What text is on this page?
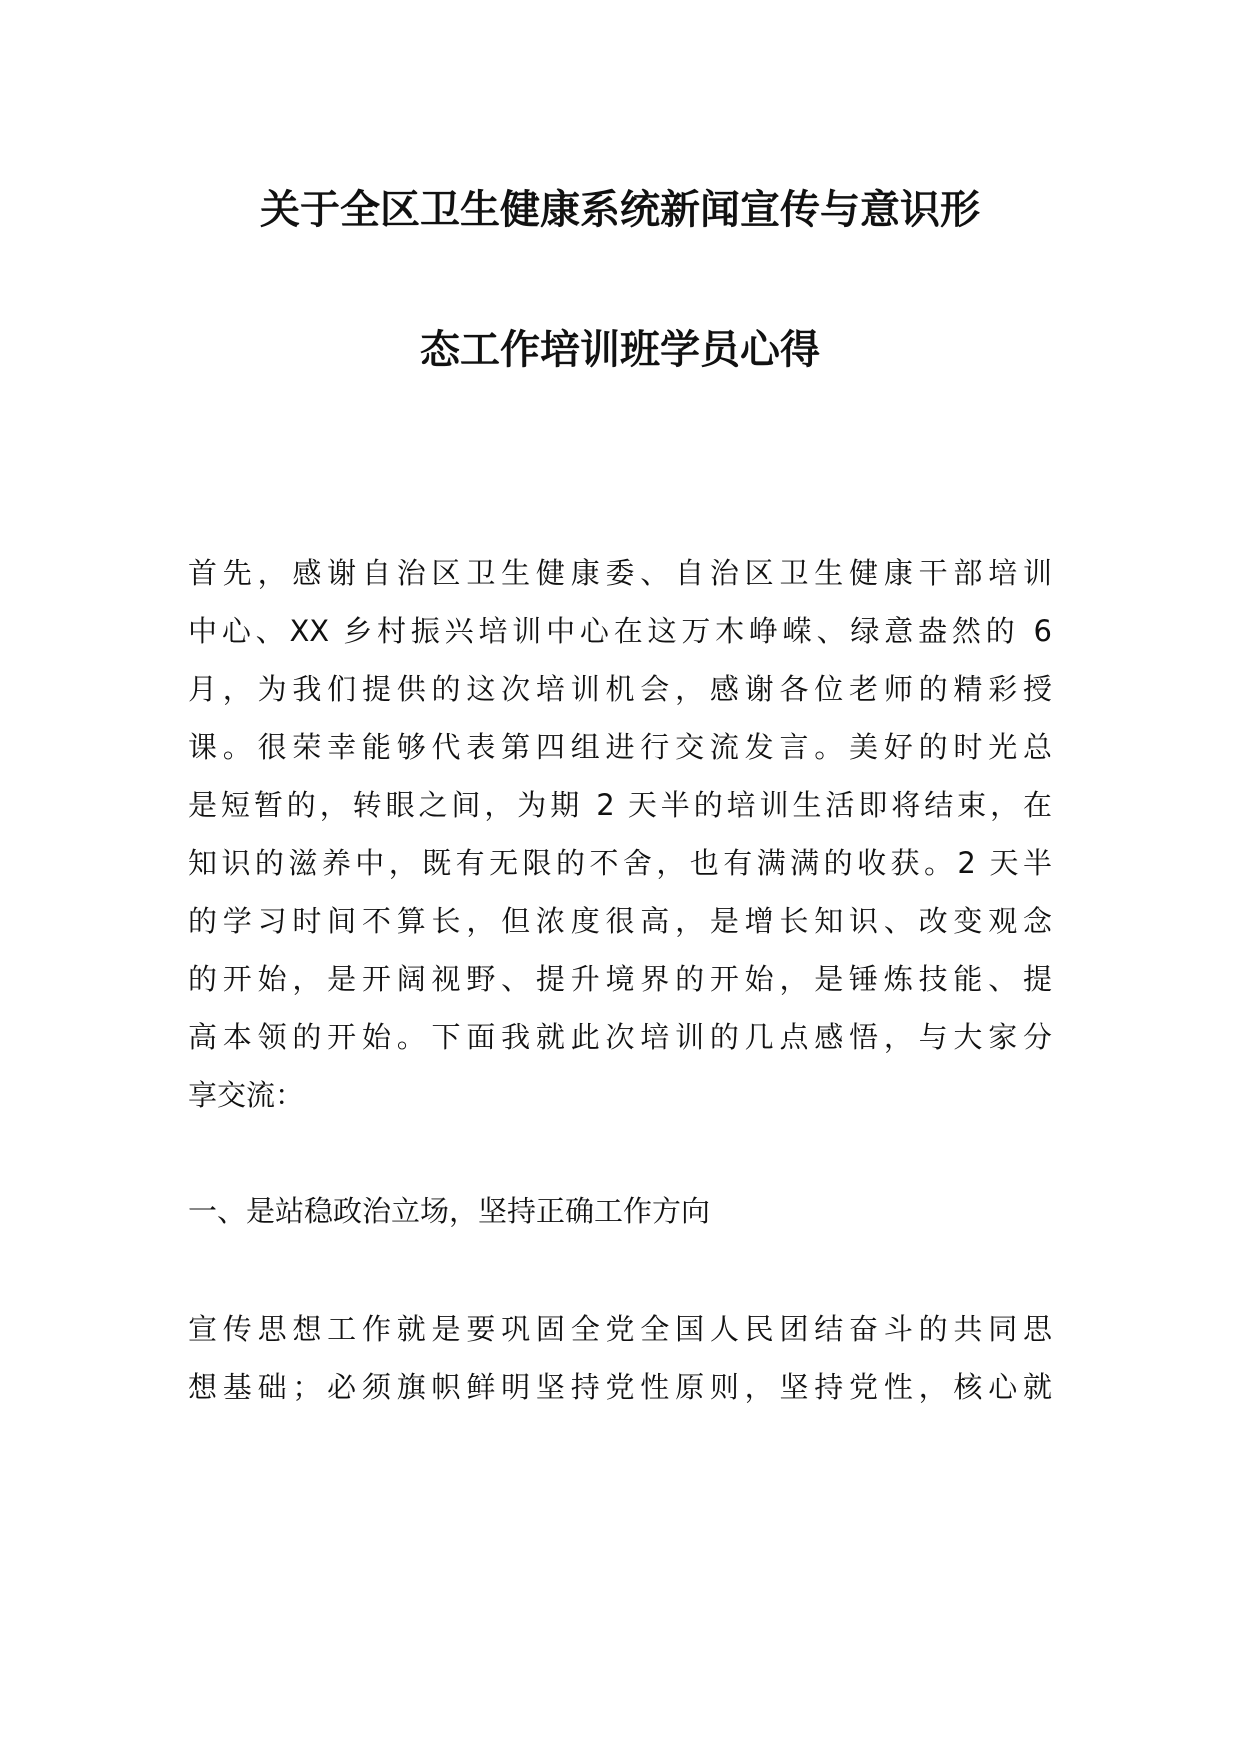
关于全区卫生健康系统新闻宣传与意识形
态工作培训班学员心得
首先，感谢自治区卫生健康委、自治区卫生健康干部培训
中心、XX 乡村振兴培训中心在这万木峥嵘、绿意盎然的 6
月，为我们提供的这次培训机会，感谢各位老师的精彩授
课。很荣幸能够代表第四组进行交流发言。美好的时光总
是短暂的，转眼之间，为期 2 天半的培训生活即将结束，在
知识的滋养中，既有无限的不舍，也有满满的收获。2 天半
的学习时间不算长，但浓度很高，是增长知识、改变观念
的开始，是开阔视野、提升境界的开始，是锤炼技能、提
高本领的开始。下面我就此次培训的几点感悟，与大家分
享交流：
一、是站稳政治立场，坚持正确工作方向
宣传思想工作就是要巩固全党全国人民团结奋斗的共同思
想基础；必须旗帜鲜明坚持党性原则，坚持党性，核心就
